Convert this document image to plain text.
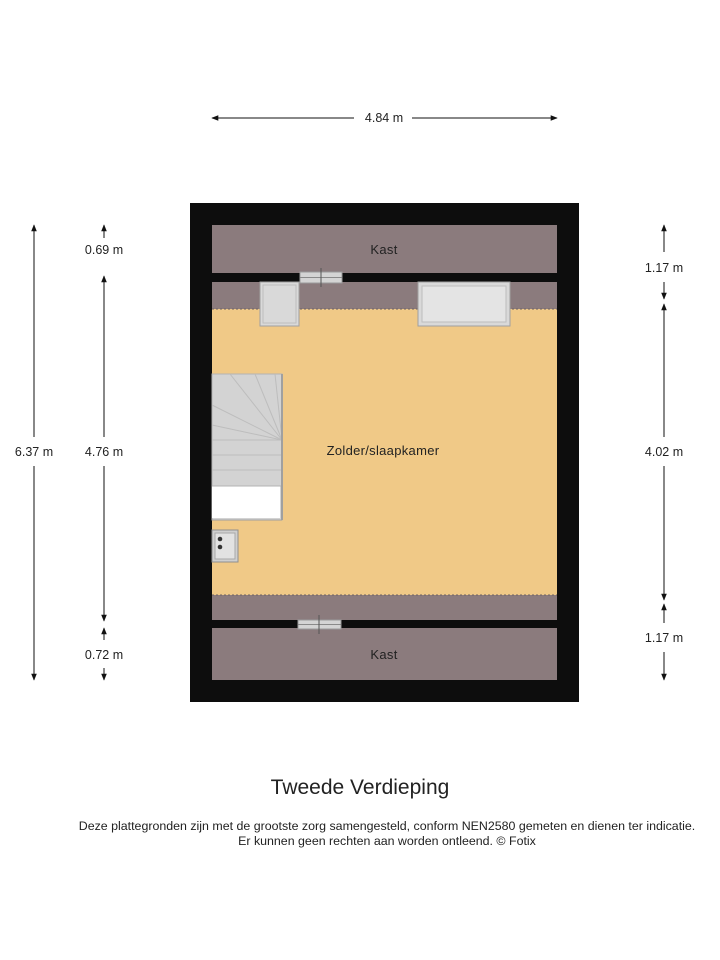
Kast
Zolder/slaapkamer
Kast
4.84 m
6.37 m
0.69 m
4.76 m
0.72 m
1.17 m
4.02 m
1.17 m
Tweede Verdieping
Deze plattegronden zijn met de grootste zorg samengesteld, conform NEN2580 gemeten en dienen ter indicatie.
Er kunnen geen rechten aan worden ontleend. © Fotix
